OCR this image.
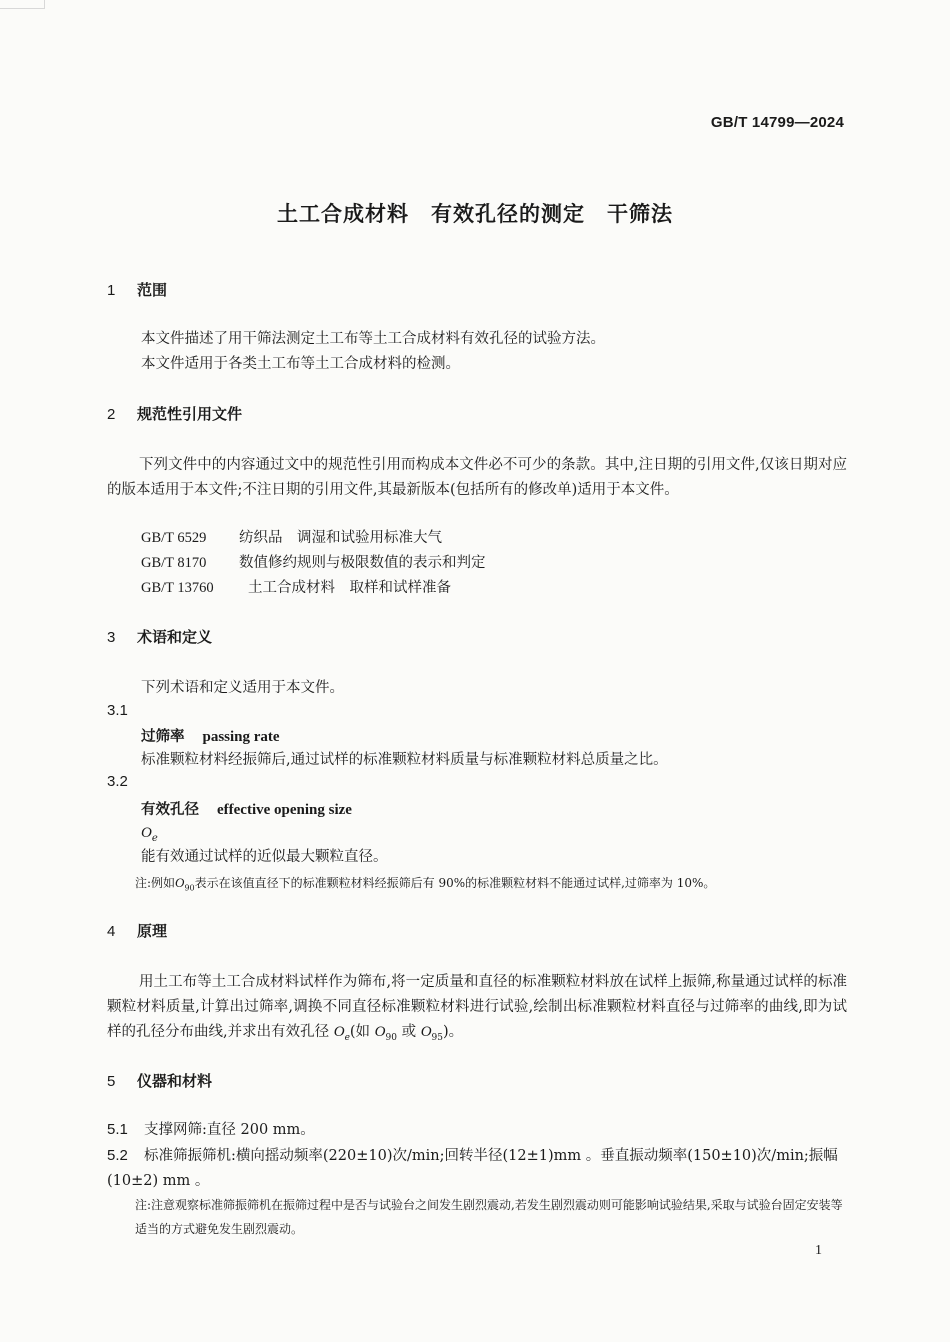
GB/T 14799—2024
土工合成材料　有效孔径的测定　干筛法
1 范围
本文件描述了用干筛法测定土工布等土工合成材料有效孔径的试验方法。
本文件适用于各类土工布等土工合成材料的检测。
2 规范性引用文件
下列文件中的内容通过文中的规范性引用而构成本文件必不可少的条款。其中,注日期的引用文件,仅该日期对应的版本适用于本文件;不注日期的引用文件,其最新版本(包括所有的修改单)适用于本文件。
GB/T 6529 纺织品　调湿和试验用标准大气
GB/T 8170 数值修约规则与极限数值的表示和判定
GB/T 13760 土工合成材料　取样和试样准备
3 术语和定义
下列术语和定义适用于本文件。
3.1
过筛率 passing rate
标准颗粒材料经振筛后,通过试样的标准颗粒材料质量与标准颗粒材料总质量之比。
3.2
有效孔径 effective opening size
$O_e$
能有效通过试样的近似最大颗粒直径。
注:例如$O_{90}$表示在该值直径下的标准颗粒材料经振筛后有 90%的标准颗粒材料不能通过试样,过筛率为 10%。
4 原理
用土工布等土工合成材料试样作为筛布,将一定质量和直径的标准颗粒材料放在试样上振筛,称量通过试样的标准颗粒材料质量,计算出过筛率,调换不同直径标准颗粒材料进行试验,绘制出标准颗粒材料直径与过筛率的曲线,即为试样的孔径分布曲线,并求出有效孔径 $O_e$(如 $O_{90}$ 或 $O_{95}$)。
5 仪器和材料
5.1 支撑网筛:直径 200 mm。
5.2 标准筛振筛机:横向摇动频率(220±10)次/min;回转半径(12±1)mm 。垂直振动频率(150±10)次/min;振幅(10±2) mm 。
注:注意观察标准筛振筛机在振筛过程中是否与试验台之间发生剧烈震动,若发生剧烈震动则可能影响试验结果,采取与试验台固定安装等适当的方式避免发生剧烈震动。
1
